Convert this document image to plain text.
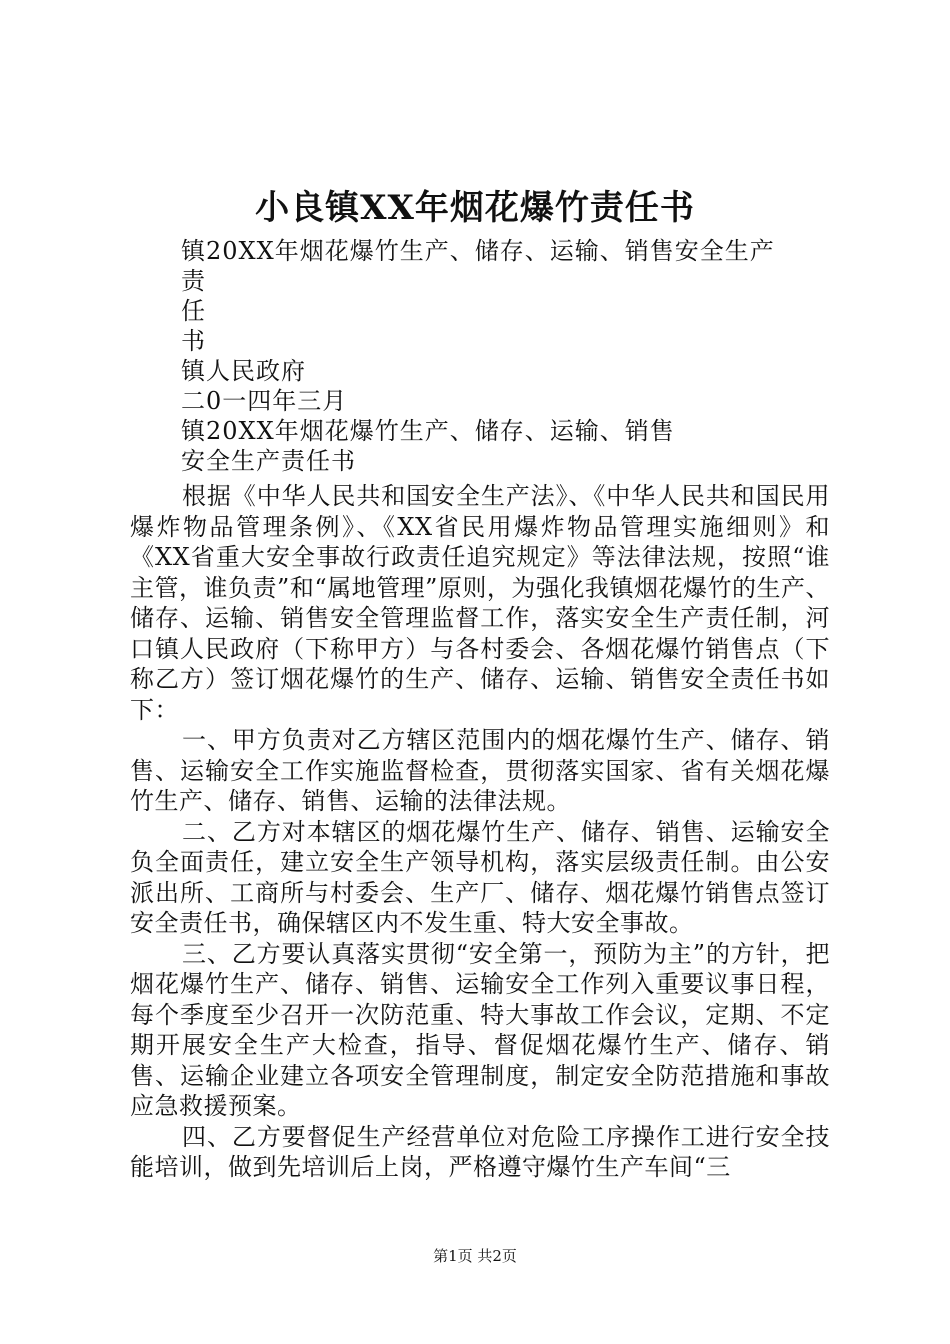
小良镇XX年烟花爆竹责任书
镇20XX年烟花爆竹生产、储存、运输、销售安全生产
责
任
书
镇人民政府
二0一四年三月
镇20XX年烟花爆竹生产、储存、运输、销售
安全生产责任书

根据《中华人民共和国安全生产法》、《中华人民共和国民用爆炸物品管理条例》、《XX省民用爆炸物品管理实施细则》和《XX省重大安全事故行政责任追究规定》等法律法规，按照“谁主管，谁负责”和“属地管理”原则，为强化我镇烟花爆竹的生产、储存、运输、销售安全管理监督工作，落实安全生产责任制，河口镇人民政府（下称甲方）与各村委会、各烟花爆竹销售点（下称乙方）签订烟花爆竹的生产、储存、运输、销售安全责任书如下：

一、甲方负责对乙方辖区范围内的烟花爆竹生产、储存、销售、运输安全工作实施监督检查，贯彻落实国家、省有关烟花爆竹生产、储存、销售、运输的法律法规。

二、乙方对本辖区的烟花爆竹生产、储存、销售、运输安全负全面责任，建立安全生产领导机构，落实层级责任制。由公安派出所、工商所与村委会、生产厂、储存、烟花爆竹销售点签订安全责任书，确保辖区内不发生重、特大安全事故。

三、乙方要认真落实贯彻“安全第一，预防为主”的方针，把烟花爆竹生产、储存、销售、运输安全工作列入重要议事日程，每个季度至少召开一次防范重、特大事故工作会议，定期、不定期开展安全生产大检查，指导、督促烟花爆竹生产、储存、销售、运输企业建立各项安全管理制度，制定安全防范措施和事故应急救援预案。

四、乙方要督促生产经营单位对危险工序操作工进行安全技能培训，做到先培训后上岗，严格遵守爆竹生产车间“三

第1页 共2页
